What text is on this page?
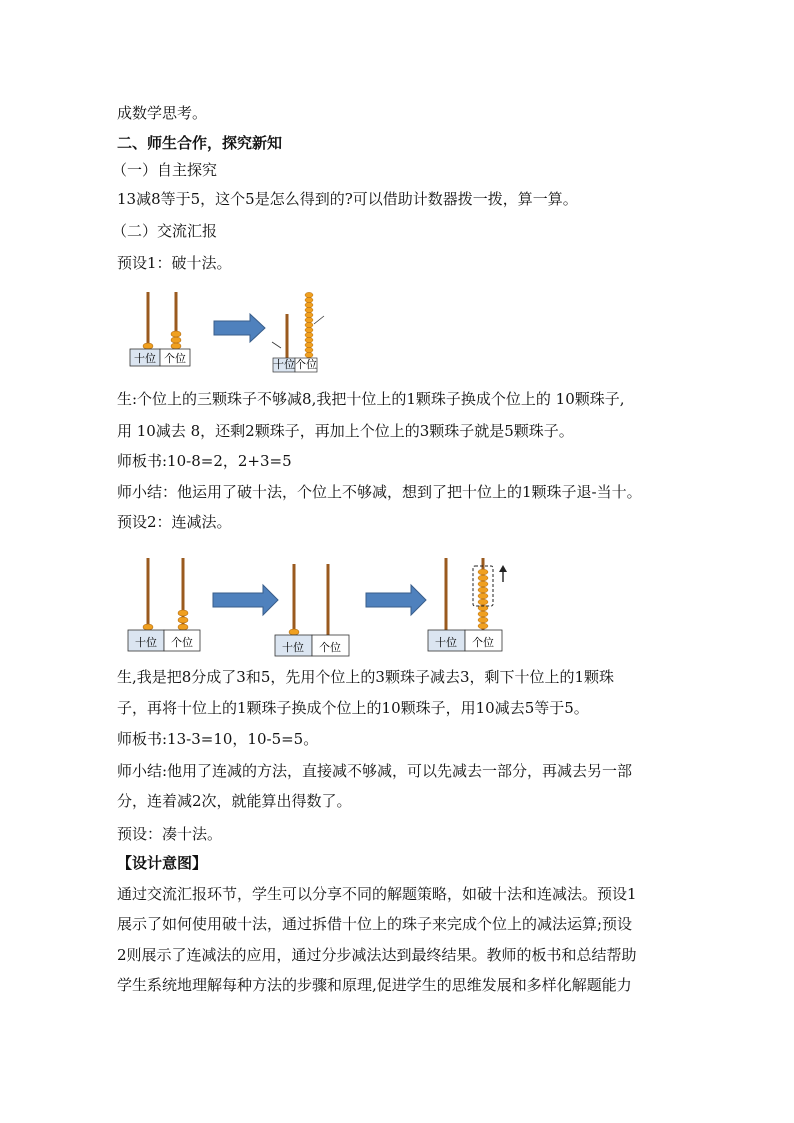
成数学思考。
二、师生合作，探究新知
（一）自主探究
13减8等于5，这个5是怎么得到的?可以借助计数器拨一拨，算一算。
（二）交流汇报
预设1：破十法。
十位 个位	十位 个位
生:个位上的三颗珠子不够减8,我把十位上的1颗珠子换成个位上的 10颗珠子,
用 10减去 8，还剩2颗珠子，再加上个位上的3颗珠子就是5颗珠子。
师板书:10-8=2，2+3=5
师小结：他运用了破十法，个位上不够减，想到了把十位上的1颗珠子退-当十。
预设2：连减法。
十位 个位	十位 个位	十位 个位
生,我是把8分成了3和5，先用个位上的3颗珠子减去3，剩下十位上的1颗珠
子，再将十位上的1颗珠子换成个位上的10颗珠子，用10减去5等于5。
师板书:13-3=10，10-5=5。
师小结:他用了连减的方法，直接减不够减，可以先减去一部分，再减去另一部
分，连着减2次，就能算出得数了。
预设：凑十法。
【设计意图】
通过交流汇报环节，学生可以分享不同的解题策略，如破十法和连减法。预设1
展示了如何使用破十法，通过拆借十位上的珠子来完成个位上的减法运算;预设
2则展示了连减法的应用，通过分步减法达到最终结果。教师的板书和总结帮助
学生系统地理解每种方法的步骤和原理,促进学生的思维发展和多样化解题能力
